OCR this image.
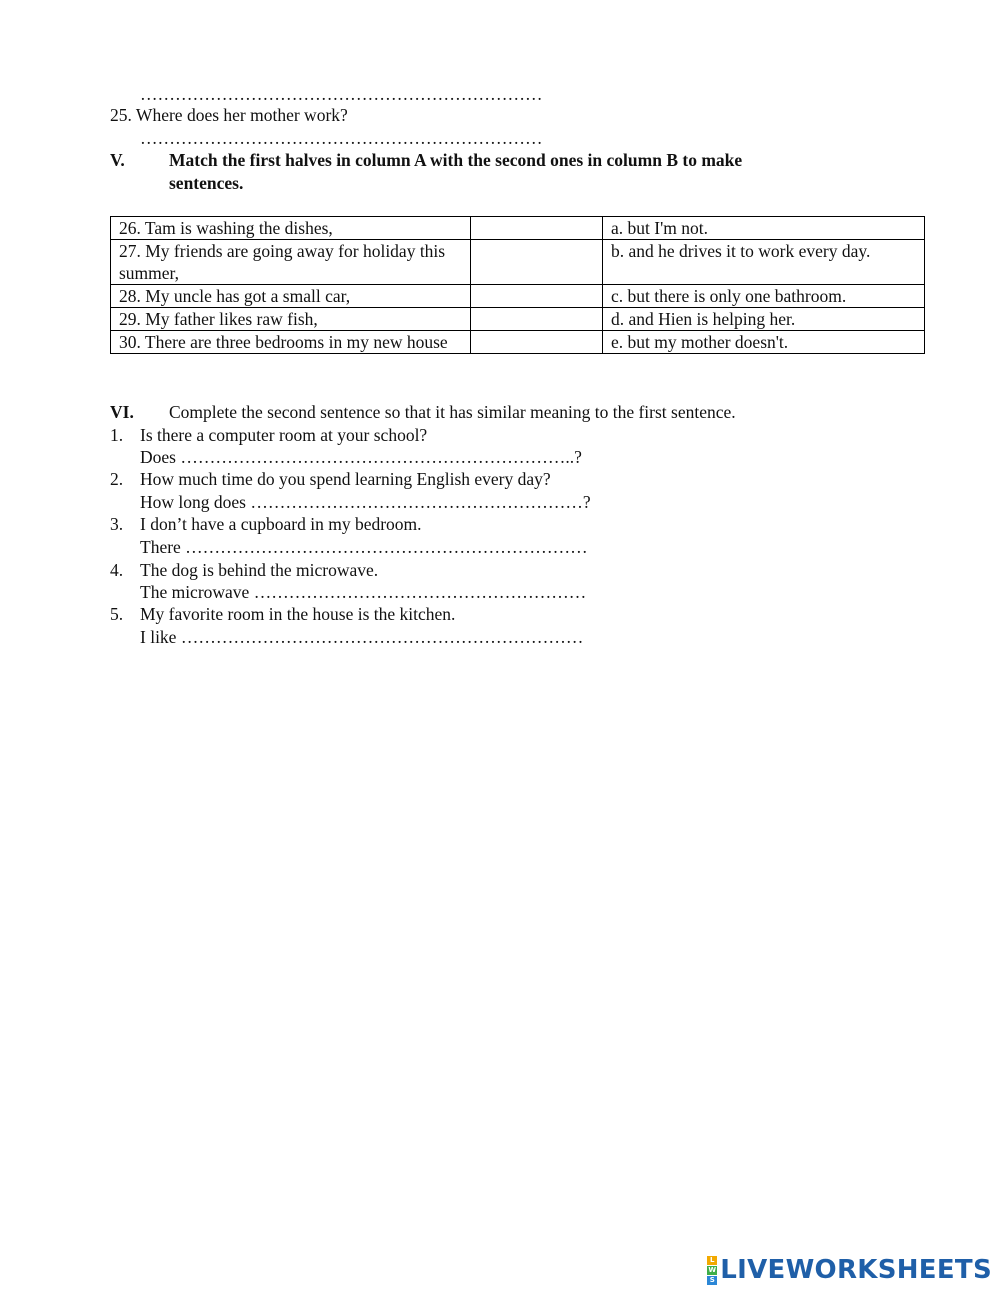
……………………………………………………………
25. Where does her mother work?
……………………………………………………………
V.	Match the first halves in column A with the second ones in column B to make
sentences.
26. Tam is washing the dishes,		a. but I'm not.
27. My friends are going away for holiday this summer,		b. and he drives it to work every day.
28. My uncle has got a small car,		c. but there is only one bathroom.
29. My father likes raw fish,		d. and Hien is helping her.
30. There are three bedrooms in my new house		e. but my mother doesn't.
VI. Complete the second sentence so that it has similar meaning to the first sentence.
1. Is there a computer room at your school?
Does …………………………………………………………..?
2. How much time do you spend learning English every day?
How long does …………………………………………………?
3. I don’t have a cupboard in my bedroom.
There ……………………………………………………………
4. The dog is behind the microwave.
The microwave …………………………………………………
5. My favorite room in the house is the kitchen.
I like ……………………………………………………………
L
W
S LIVEWORKSHEETS
